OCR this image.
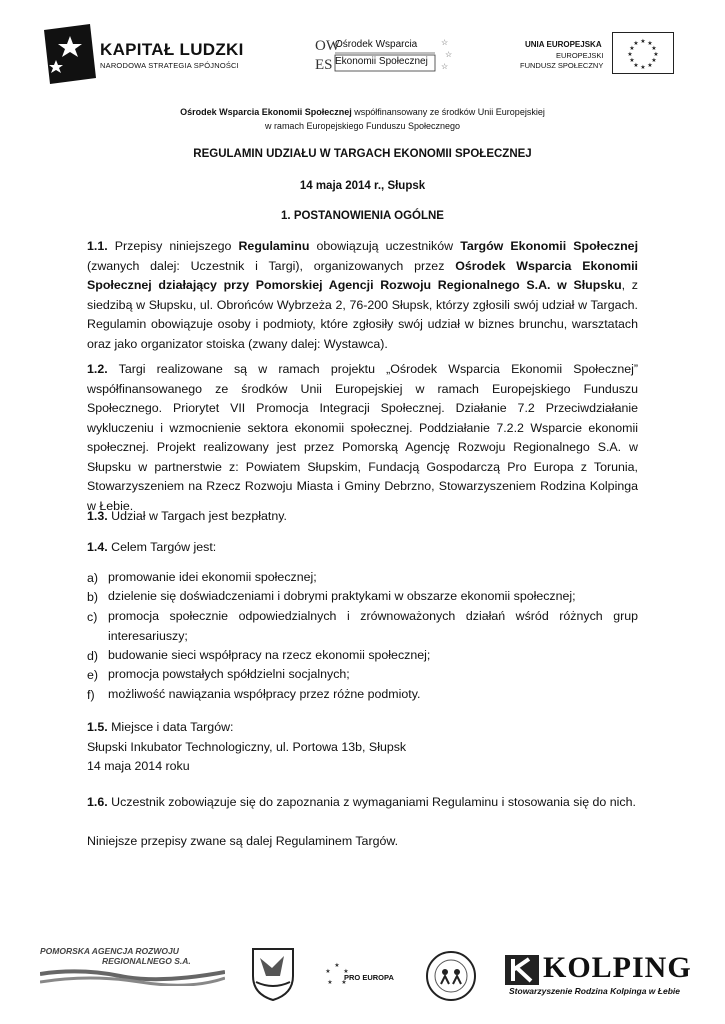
KAPITAŁ LUDZKI
NARODOWA STRATEGIA SPÓJNOŚCI
OW
ES
☆
☆
☆
Ośrodek Wsparcia
Ekonomii Społecznej
UNIA EUROPEJSKA
EUROPEJSKI
FUNDUSZ SPOŁECZNY
★ ★
★
★
★
★
★
★
★
★
★
★
Ośrodek Wsparcia Ekonomii Społecznej współfinansowany ze środków Unii Europejskiej
w ramach Europejskiego Funduszu Społecznego
REGULAMIN UDZIAŁU W TARGACH EKONOMII SPOŁECZNEJ
14 maja 2014 r., Słupsk
1. POSTANOWIENIA OGÓLNE
1.1. Przepisy niniejszego Regulaminu obowiązują uczestników Targów Ekonomii Społecznej (zwanych dalej: Uczestnik i Targi), organizowanych przez Ośrodek Wsparcia Ekonomii Społecznej działający przy Pomorskiej Agencji Rozwoju Regionalnego S.A. w Słupsku, z siedzibą w Słupsku, ul. Obrońców Wybrzeża 2, 76-200 Słupsk, którzy zgłosili swój udział w Targach. Regulamin obowiązuje osoby i podmioty, które zgłosiły swój udział w biznes brunchu, warsztatach oraz jako organizator stoiska (zwany dalej: Wystawca).
1.2. Targi realizowane są w ramach projektu „Ośrodek Wsparcia Ekonomii Społecznej” współfinansowanego ze środków Unii Europejskiej w ramach Europejskiego Funduszu Społecznego. Priorytet VII Promocja Integracji Społecznej. Działanie 7.2 Przeciwdziałanie wykluczeniu i wzmocnienie sektora ekonomii społecznej. Poddziałanie 7.2.2 Wsparcie ekonomii społecznej. Projekt realizowany jest przez Pomorską Agencję Rozwoju Regionalnego S.A. w Słupsku w partnerstwie z: Powiatem Słupskim, Fundacją Gospodarczą Pro Europa z Torunia, Stowarzyszeniem na Rzecz Rozwoju Miasta i Gminy Debrzno, Stowarzyszeniem Rodzina Kolpinga w Łebie.
1.3. Udział w Targach jest bezpłatny.
1.4. Celem Targów jest:
a) promowanie idei ekonomii społecznej;
b) dzielenie się doświadczeniami i dobrymi praktykami w obszarze ekonomii społecznej;
c) promocja społecznie odpowiedzialnych i zrównoważonych działań wśród różnych grup interesariuszy;
d) budowanie sieci współpracy na rzecz ekonomii społecznej;
e) promocja powstałych spółdzielni socjalnych;
f) możliwość nawiązania współpracy przez różne podmioty.
1.5. Miejsce i data Targów:
Słupski Inkubator Technologiczny, ul. Portowa 13b, Słupsk
14 maja 2014 roku
1.6. Uczestnik zobowiązuje się do zapoznania z wymaganiami Regulaminu i stosowania się do nich.
Niniejsze przepisy zwane są dalej Regulaminem Targów.
POMORSKA AGENCJA ROZWOJU
REGIONALNEGO S.A.	★
★
★
★
★
PRO EUROPA	KOLPING
Stowarzyszenie Rodzina Kolpinga w Łebie
